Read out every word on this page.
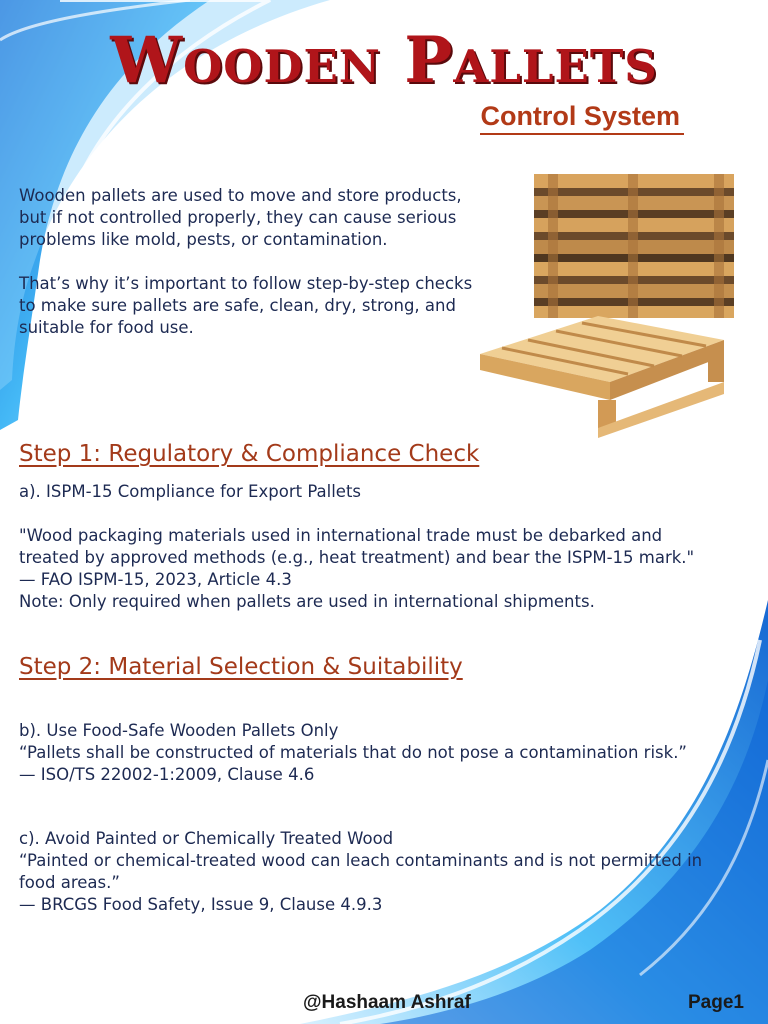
Wooden Pallets
Control System

Wooden pallets are used to move and store products, but if not controlled properly, they can cause serious problems like mold, pests, or contamination.

That’s why it’s important to follow step-by-step checks to make sure pallets are safe, clean, dry, strong, and suitable for food use.

Step 1: Regulatory & Compliance Check
a). ISPM-15 Compliance for Export Pallets
"Wood packaging materials used in international trade must be debarked and treated by approved methods (e.g., heat treatment) and bear the ISPM-15 mark."
— FAO ISPM-15, 2023, Article 4.3
Note: Only required when pallets are used in international shipments.
Step 2: Material Selection & Suitability
b). Use Food-Safe Wooden Pallets Only
“Pallets shall be constructed of materials that do not pose a contamination risk.”
— ISO/TS 22002-1:2009, Clause 4.6
c). Avoid Painted or Chemically Treated Wood
“Painted or chemical-treated wood can leach contaminants and is not permitted in food areas.”
— BRCGS Food Safety, Issue 9, Clause 4.9.3
@Hashaam Ashraf	Page1
